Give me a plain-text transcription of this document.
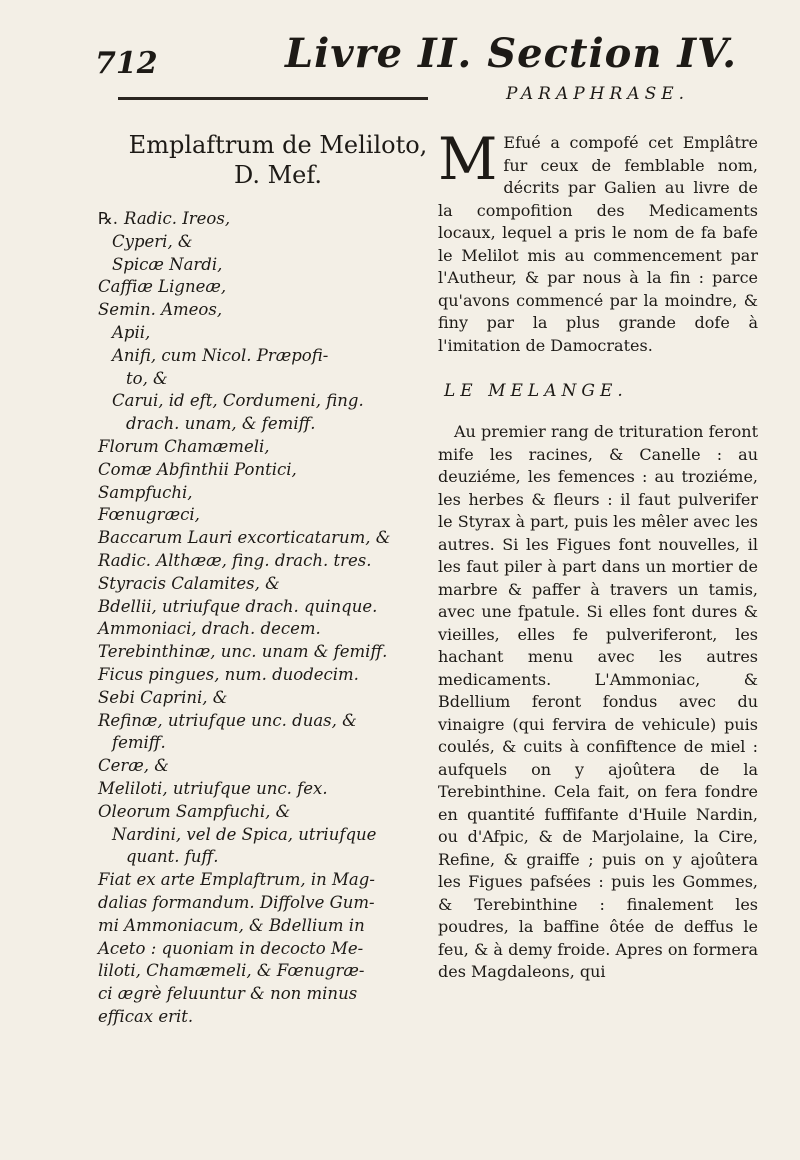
712	Livre II. Section IV.
PARAPHRASE.
Emplaftrum de Meliloto,
D. Mef.
℞. Radic. Ireos,
Cyperi, &
Spicæ Nardi,
Caffiæ Ligneæ,
Semin. Ameos,
Apii,
Anifi, cum Nicol. Præpofi-
to, &
Carui, id eft, Cordumeni, fing.
drach. unam, & femiff.
Florum Chamæmeli,
Comæ Abfinthii Pontici,
Sampfuchi,
Fœnugræci,
Baccarum Lauri excorticatarum, &
Radic. Althææ, fing. drach. tres.
Styracis Calamites, &
Bdellii, utriufque drach. quinque.
Ammoniaci, drach. decem.
Terebinthinæ, unc. unam & femiff.
Ficus pingues, num. duodecim.
Sebi Caprini, &
Refinæ, utriufque unc. duas, &
femiff.
Ceræ, &
Meliloti, utriufque unc. fex.
Oleorum Sampfuchi, &
Nardini, vel de Spica, utriufque
quant. fuff.
Fiat ex arte Emplaftrum, in Mag-
dalias formandum. Diffolve Gum-
mi Ammoniacum, & Bdellium in
Aceto : quoniam in decocto Me-
liloti, Chamæmeli, & Fœnugræ-
ci ægrè feluuntur & non minus
efficax erit.
M Efué a compofé cet Emplâtre fur ceux de femblable nom, décrits par Galien au livre de la compofition des Medicaments locaux, lequel a pris le nom de fa bafe le Melilot mis au commencement par l'Autheur, & par nous à la fin : parce qu'avons commencé par la moindre, & finy par la plus grande dofe à l'imitation de Damocrates.
LE MELANGE.
Au premier rang de trituration feront mife les racines, & Canelle : au deuziéme, les femences : au troziéme, les herbes & fleurs : il faut pulverifer le Styrax à part, puis les mêler avec les autres. Si les Figues font nouvelles, il les faut piler à part dans un mortier de marbre & paffer à travers un tamis, avec une fpatule. Si elles font dures & vieilles, elles fe pulveriferont, les hachant menu avec les autres medicaments. L'Ammoniac, & Bdellium feront fondus avec du vinaigre (qui fervira de vehicule) puis coulés, & cuits à confiftence de miel : aufquels on y ajoûtera de la Terebinthine. Cela fait, on fera fondre en quantité fuffifante d'Huile Nardin, ou d'Afpic, & de Marjolaine, la Cire, Refine, & graiffe ; puis on y ajoûtera les Figues pafsées : puis les Gommes, & Terebinthine : finalement les poudres, la baffine ôtée de deffus le feu, & à demy froide. Apres on formera des Magdaleons, qui
